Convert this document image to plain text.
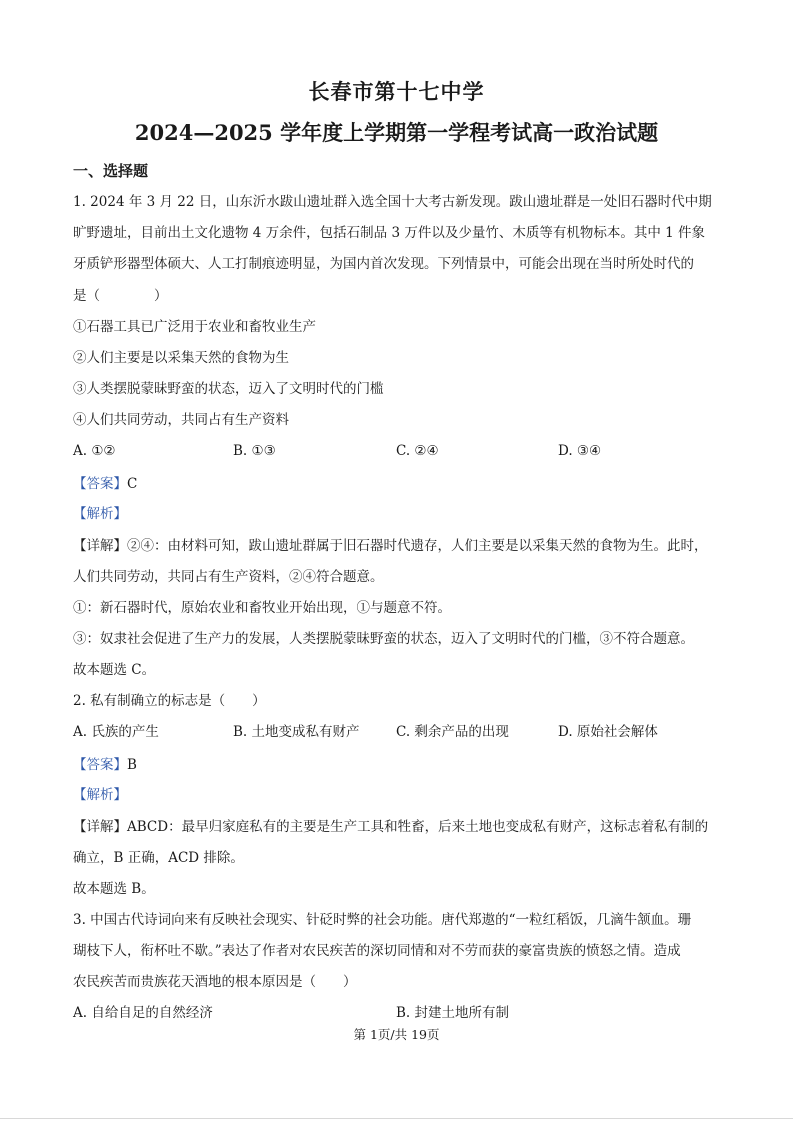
长春市第十七中学
2024—2025 学年度上学期第一学程考试高一政治试题
一、选择题
1. 2024 年 3 月 22 日，山东沂水跋山遗址群入选全国十大考古新发现。跋山遗址群是一处旧石器时代中期
旷野遗址，目前出土文化遗物 4 万余件，包括石制品 3 万件以及少量竹、木质等有机物标本。其中 1 件象
牙质铲形器型体硕大、人工打制痕迹明显，为国内首次发现。下列情景中，可能会出现在当时所处时代的
是（　　　　）
①石器工具已广泛用于农业和畜牧业生产
②人们主要是以采集天然的食物为生
③人类摆脱蒙昧野蛮的状态，迈入了文明时代的门槛
④人们共同劳动，共同占有生产资料
A. ①②	B. ①③	C. ②④	D. ③④
【答案】C
【解析】
【详解】②④：由材料可知，跋山遗址群属于旧石器时代遗存，人们主要是以采集天然的食物为生。此时，
人们共同劳动，共同占有生产资料，②④符合题意。
①：新石器时代，原始农业和畜牧业开始出现，①与题意不符。
③：奴隶社会促进了生产力的发展，人类摆脱蒙昧野蛮的状态，迈入了文明时代的门槛，③不符合题意。
故本题选 C。
2. 私有制确立的标志是（　　）
A. 氏族的产生	B. 土地变成私有财产	C. 剩余产品的出现	D. 原始社会解体
【答案】B
【解析】
【详解】ABCD：最早归家庭私有的主要是生产工具和牲畜，后来土地也变成私有财产，这标志着私有制的
确立，B 正确，ACD 排除。
故本题选 B。
3. 中国古代诗词向来有反映社会现实、针砭时弊的社会功能。唐代郑遨的“一粒红稻饭，几滴牛颔血。珊
瑚枝下人，衔杯吐不歇。”表达了作者对农民疾苦的深切同情和对不劳而获的豪富贵族的愤怒之情。造成
农民疾苦而贵族花天酒地的根本原因是（　　）
A. 自给自足的自然经济	B. 封建土地所有制
第 1页/共 19页
